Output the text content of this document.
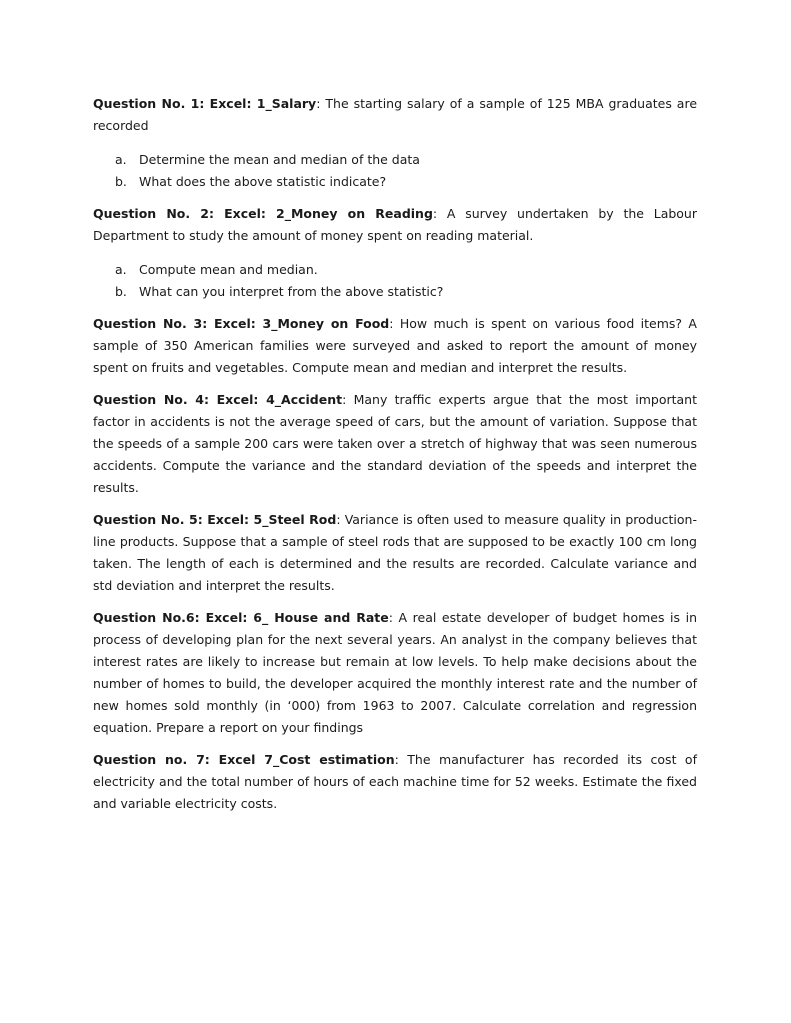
Question No. 1: Excel: 1_Salary: The starting salary of a sample of 125 MBA graduates are recorded

a. Determine the mean and median of the data
b. What does the above statistic indicate?

Question No. 2: Excel: 2_Money on Reading: A survey undertaken by the Labour Department to study the amount of money spent on reading material.

a. Compute mean and median.
b. What can you interpret from the above statistic?

Question No. 3: Excel: 3_Money on Food: How much is spent on various food items? A sample of 350 American families were surveyed and asked to report the amount of money spent on fruits and vegetables. Compute mean and median and interpret the results.

Question No. 4: Excel: 4_Accident: Many traffic experts argue that the most important factor in accidents is not the average speed of cars, but the amount of variation. Suppose that the speeds of a sample 200 cars were taken over a stretch of highway that was seen numerous accidents. Compute the variance and the standard deviation of the speeds and interpret the results.

Question No. 5: Excel: 5_Steel Rod: Variance is often used to measure quality in production-line products. Suppose that a sample of steel rods that are supposed to be exactly 100 cm long taken. The length of each is determined and the results are recorded. Calculate variance and std deviation and interpret the results.

Question No.6: Excel: 6_ House and Rate: A real estate developer of budget homes is in process of developing plan for the next several years. An analyst in the company believes that interest rates are likely to increase but remain at low levels. To help make decisions about the number of homes to build, the developer acquired the monthly interest rate and the number of new homes sold monthly (in ‘000) from 1963 to 2007. Calculate correlation and regression equation. Prepare a report on your findings

Question no. 7: Excel 7_Cost estimation: The manufacturer has recorded its cost of electricity and the total number of hours of each machine time for 52 weeks. Estimate the fixed and variable electricity costs.
